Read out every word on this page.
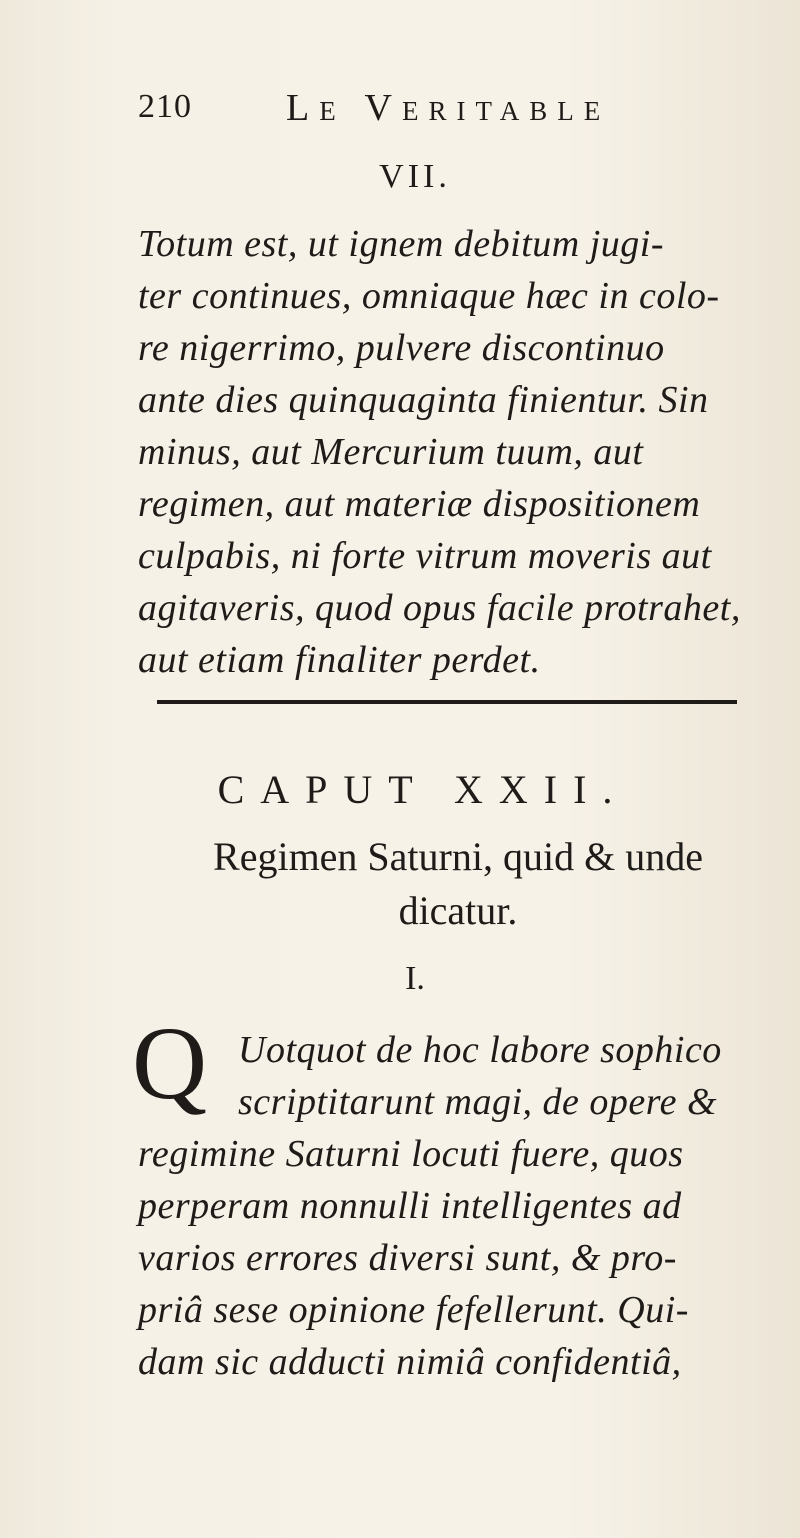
210 Le Veritable
VII.
Totum est, ut ignem debitum jugi-
ter continues, omniaque hæc in colo-
re nigerrimo, pulvere discontinuo
ante dies quinquaginta finientur. Sin
minus, aut Mercurium tuum, aut
regimen, aut materiæ dispositionem
culpabis, ni forte vitrum moveris aut
agitaveris, quod opus facile protrahet,
aut etiam finaliter perdet.
CAPUT XXII.
Regimen Saturni, quid & unde
dicatur.
I.
Q Uotquot de hoc labore sophico
scriptitarunt magi, de opere &
regimine Saturni locuti fuere, quos
perperam nonnulli intelligentes ad
varios errores diversi sunt, & pro-
priâ sese opinione fefellerunt. Qui-
dam sic adducti nimiâ confidentiâ,
